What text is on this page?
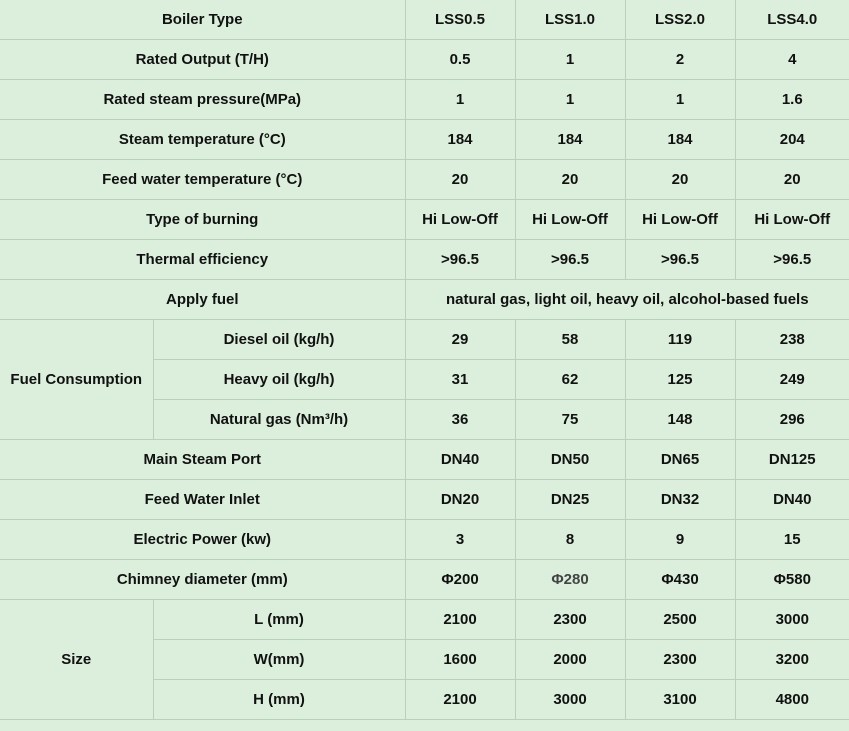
Boiler Type		LSS0.5	LSS1.0	LSS2.0	LSS4.0
Rated Output (T/H)		0.5	1	2	4
Rated steam pressure(MPa)		1	1	1	1.6
Steam temperature (°C)		184	184	184	204
Feed water temperature (°C)		20	20	20	20
Type of burning		Hi Low-Off	Hi Low-Off	Hi Low-Off	Hi Low-Off
Thermal efficiency		>96.5	>96.5	>96.5	>96.5
Apply fuel		natural gas, light oil, heavy oil, alcohol-based fuels			
Fuel Consumption	Diesel oil (kg/h)	29	58	119	238
	Heavy oil (kg/h)	31	62	125	249
	Natural gas (Nm³/h)	36	75	148	296
Main Steam Port		DN40	DN50	DN65	DN125
Feed Water Inlet		DN20	DN25	DN32	DN40
Electric Power (kw)		3	8	9	15
Chimney diameter (mm)		Φ200	Φ280	Φ430	Φ580
Size	L (mm)	2100	2300	2500	3000
	W(mm)	1600	2000	2300	3200
	H (mm)	2100	3000	3100	4800
